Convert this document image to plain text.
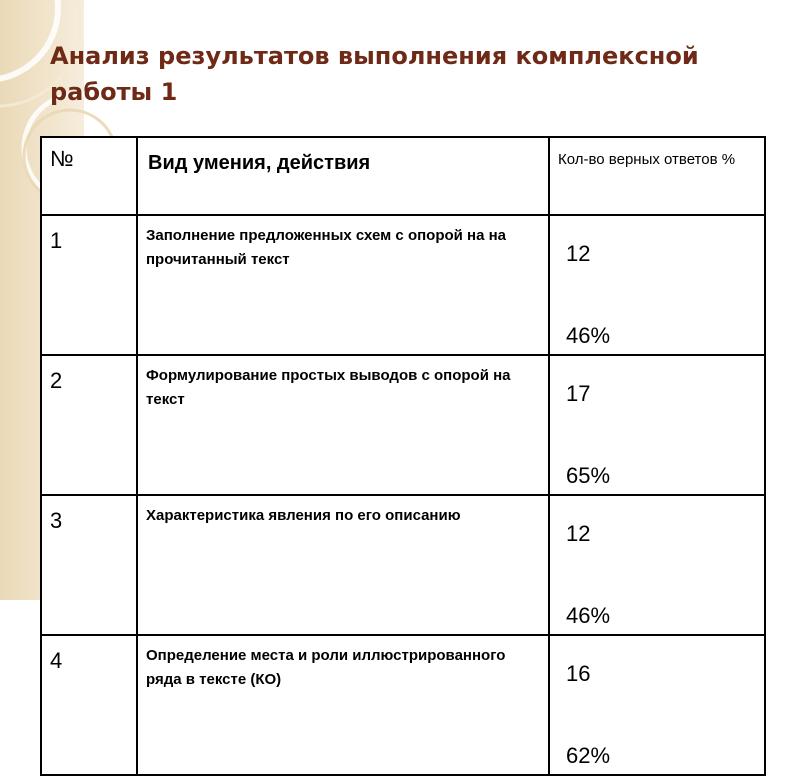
Анализ результатов выполнения комплексной работы 1
№	Вид умения, действия	Кол-во верных ответов %

1	Заполнение предложенных схем с опорой на на прочитанный текст	12

46%

2	Формулирование простых выводов с опорой на текст	17

65%

3	Характеристика явления по его описанию	12

46%

4	Определение места и роли иллюстрированного ряда в тексте (КО)	16

62%
